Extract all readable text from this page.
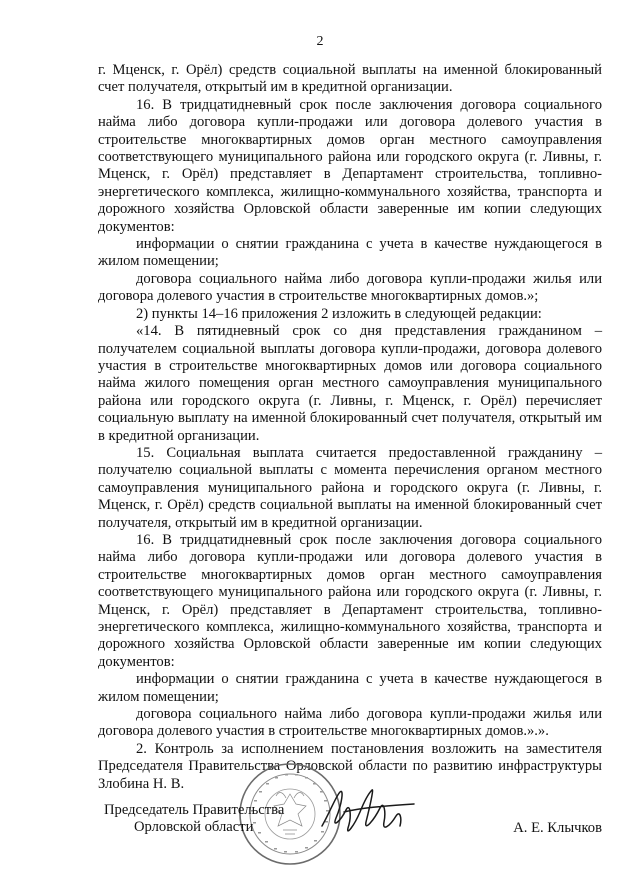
2

г. Мценск, г. Орёл) средств социальной выплаты на именной блокированный счет получателя, открытый им в кредитной организации.

16. В тридцатидневный срок после заключения договора социального найма либо договора купли-продажи или договора долевого участия в строительстве многоквартирных домов орган местного самоуправления соответствующего муниципального района или городского округа (г. Ливны, г. Мценск, г. Орёл) представляет в Департамент строительства, топливно-энергетического комплекса, жилищно-коммунального хозяйства, транспорта и дорожного хозяйства Орловской области заверенные им копии следующих документов:

информации о снятии гражданина с учета в качестве нуждающегося в жилом помещении;

договора социального найма либо договора купли-продажи жилья или договора долевого участия в строительстве многоквартирных домов.»;

2) пункты 14–16 приложения 2 изложить в следующей редакции:

«14. В пятидневный срок со дня представления гражданином – получателем социальной выплаты договора купли-продажи, договора долевого участия в строительстве многоквартирных домов или договора социального найма жилого помещения орган местного самоуправления муниципального района или городского округа (г. Ливны, г. Мценск, г. Орёл) перечисляет социальную выплату на именной блокированный счет получателя, открытый им в кредитной организации.

15. Социальная выплата считается предоставленной гражданину – получателю социальной выплаты с момента перечисления органом местного самоуправления муниципального района и городского округа (г. Ливны, г. Мценск, г. Орёл) средств социальной выплаты на именной блокированный счет получателя, открытый им в кредитной организации.

16. В тридцатидневный срок после заключения договора социального найма либо договора купли-продажи или договора долевого участия в строительстве многоквартирных домов орган местного самоуправления соответствующего муниципального района или городского округа (г. Ливны, г. Мценск, г. Орёл) представляет в Департамент строительства, топливно-энергетического комплекса, жилищно-коммунального хозяйства, транспорта и дорожного хозяйства Орловской области заверенные им копии следующих документов:

информации о снятии гражданина с учета в качестве нуждающегося в жилом помещении;

договора социального найма либо договора купли-продажи жилья или договора долевого участия в строительстве многоквартирных домов.».».

2. Контроль за исполнением постановления возложить на заместителя Председателя Правительства Орловской области по развитию инфраструктуры Злобина Н. В.

Председатель Правительства
Орловской области	А. Е. Клычков
